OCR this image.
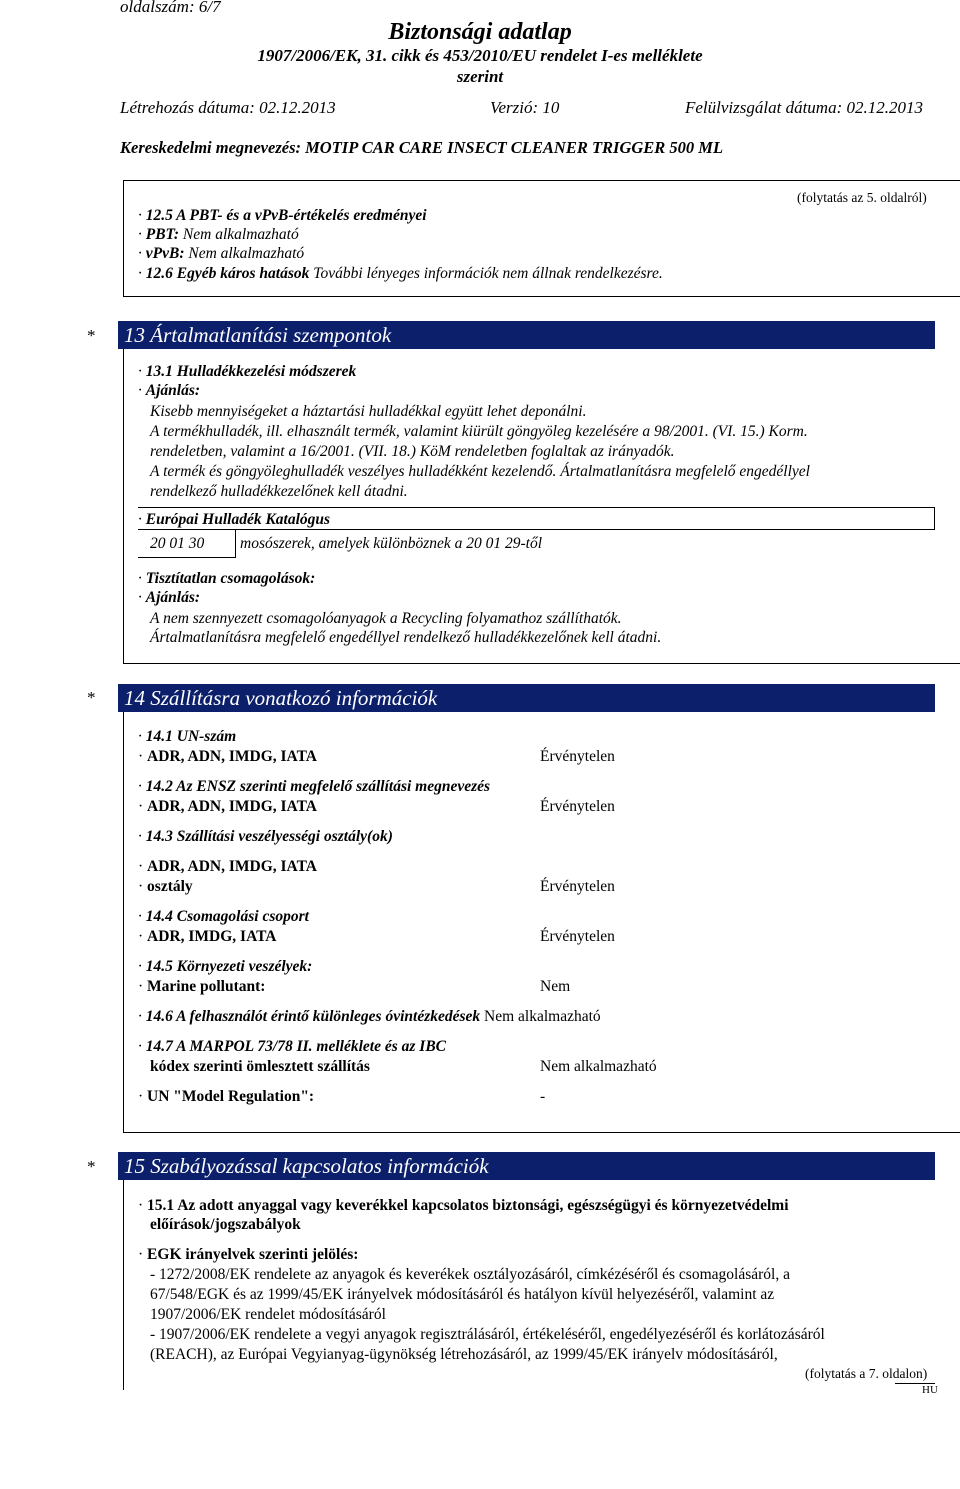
oldalszám: 6/7
Biztonsági adatlap
1907/2006/EK, 31. cikk és 453/2010/EU rendelet I-es melléklete
szerint
Létrehozás dátuma: 02.12.2013	Verzió: 10	Felülvizsgálat dátuma: 02.12.2013
Kereskedelmi megnevezés: MOTIP CAR CARE INSECT CLEANER TRIGGER 500 ML
(folytatás az 5. oldalról)
· 12.5 A PBT- és a vPvB-értékelés eredményei
· PBT: Nem alkalmazható
· vPvB: Nem alkalmazható
· 12.6 Egyéb káros hatások További lényeges információk nem állnak rendelkezésre.
* 13 Ártalmatlanítási szempontok
· 13.1 Hulladékkezelési módszerek
· Ajánlás:
Kisebb mennyiségeket a háztartási hulladékkal együtt lehet deponálni.
A termékhulladék, ill. elhasznált termék, valamint kiürült göngyöleg kezelésére a 98/2001. (VI. 15.) Korm.
rendeletben, valamint a 16/2001. (VII. 18.) KöM rendeletben foglaltak az irányadók.
A termék és göngyöleghulladék veszélyes hulladékként kezelendő. Ártalmatlanításra megfelelő engedéllyel
rendelkező hulladékkezelőnek kell átadni.
· Európai Hulladék Katalógus
20 01 30 mosószerek, amelyek különböznek a 20 01 29-től
· Tisztítatlan csomagolások:
· Ajánlás:
A nem szennyezett csomagolóanyagok a Recycling folyamathoz szállíthatók.
Ártalmatlanításra megfelelő engedéllyel rendelkező hulladékkezelőnek kell átadni.
* 14 Szállításra vonatkozó információk
· 14.1 UN-szám
· ADR, ADN, IMDG, IATA	Érvénytelen
· 14.2 Az ENSZ szerinti megfelelő szállítási megnevezés
· ADR, ADN, IMDG, IATA	Érvénytelen
· 14.3 Szállítási veszélyességi osztály(ok)
· ADR, ADN, IMDG, IATA
· osztály	Érvénytelen
· 14.4 Csomagolási csoport
· ADR, IMDG, IATA	Érvénytelen
· 14.5 Környezeti veszélyek:
· Marine pollutant:	Nem
· 14.6 A felhasználót érintő különleges óvintézkedések Nem alkalmazható
· 14.7 A MARPOL 73/78 II. melléklete és az IBC
kódex szerinti ömlesztett szállítás	Nem alkalmazható
· UN "Model Regulation":	-
* 15 Szabályozással kapcsolatos információk
· 15.1 Az adott anyaggal vagy keverékkel kapcsolatos biztonsági, egészségügyi és környezetvédelmi
előírások/jogszabályok
· EGK irányelvek szerinti jelölés:
- 1272/2008/EK rendelete az anyagok és keverékek osztályozásáról, címkézéséről és csomagolásáról, a
67/548/EGK és az 1999/45/EK irányelvek módosításáról és hatályon kívül helyezéséről, valamint az
1907/2006/EK rendelet módosításáról
- 1907/2006/EK rendelete a vegyi anyagok regisztrálásáról, értékeléséről, engedélyezéséről és korlátozásáról
(REACH), az Európai Vegyianyag-ügynökség létrehozásáról, az 1999/45/EK irányelv módosításáról,
(folytatás a 7. oldalon)
HU
